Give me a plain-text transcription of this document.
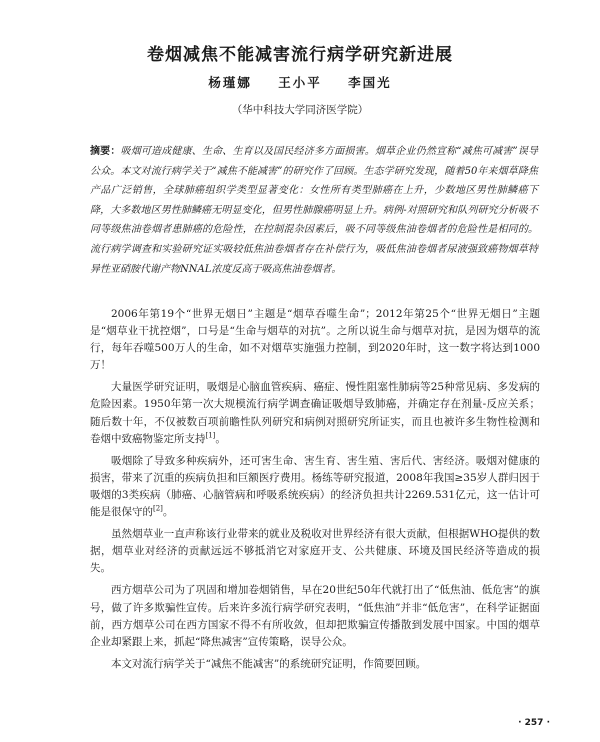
卷烟减焦不能减害流行病学研究新进展
杨瑾娜 王小平 李国光
（华中科技大学同济医学院）
摘要：吸烟可造成健康、生命、生育以及国民经济多方面损害。烟草企业仍然宣称“减焦可减害”误导公众。本文对流行病学关于“减焦不能减害”的研究作了回顾。生态学研究发现，随着50年来烟草降焦产品广泛销售，全球肺癌组织学类型显著变化：女性所有类型肺癌在上升，少数地区男性肺鳞癌下降，大多数地区男性肺鳞癌无明显变化，但男性肺腺癌明显上升。病例-对照研究和队列研究分析吸不同等级焦油卷烟者患肺癌的危险性，在控制混杂因素后，吸不同等级焦油卷烟者的危险性是相同的。流行病学调查和实验研究证实吸较低焦油卷烟者存在补偿行为，吸低焦油卷烟者尿液强致癌物烟草特异性亚硝胺代谢产物NNAL浓度反高于吸高焦油卷烟者。

2006年第19个“世界无烟日”主题是“烟草吞噬生命”；2012年第25个“世界无烟日”主题是“烟草业干扰控烟”，口号是“生命与烟草的对抗”。之所以说生命与烟草对抗，是因为烟草的流行，每年吞噬500万人的生命，如不对烟草实施强力控制，到2020年时，这一数字将达到1000万！

大量医学研究证明，吸烟是心脑血管疾病、癌症、慢性阻塞性肺病等25种常见病、多发病的危险因素。1950年第一次大规模流行病学调查确证吸烟导致肺癌，并确定存在剂量-反应关系；随后数十年，不仅被数百项前瞻性队列研究和病例对照研究所证实，而且也被许多生物性检测和卷烟中致癌物鉴定所支持[1]。

吸烟除了导致多种疾病外，还可害生命、害生育、害生殖、害后代、害经济。吸烟对健康的损害，带来了沉重的疾病负担和巨额医疗费用。杨练等研究报道，2008年我国≥35岁人群归因于吸烟的3类疾病（肺癌、心脑管病和呼吸系统疾病）的经济负担共计2269.531亿元，这一估计可能是很保守的[2]。

虽然烟草业一直声称该行业带来的就业及税收对世界经济有很大贡献，但根据WHO提供的数据，烟草业对经济的贡献远远不够抵消它对家庭开支、公共健康、环境及国民经济等造成的损失。

西方烟草公司为了巩固和增加卷烟销售，早在20世纪50年代就打出了“低焦油、低危害”的旗号，做了许多欺骗性宣传。后来许多流行病学研究表明，“低焦油”并非“低危害”，在科学证据面前，西方烟草公司在西方国家不得不有所收敛，但却把欺骗宣传播散到发展中国家。中国的烟草企业却紧跟上来，抓起“降焦减害”宣传策略，误导公众。

本文对流行病学关于“减焦不能减害”的系统研究证明，作简要回顾。

· 257 ·
